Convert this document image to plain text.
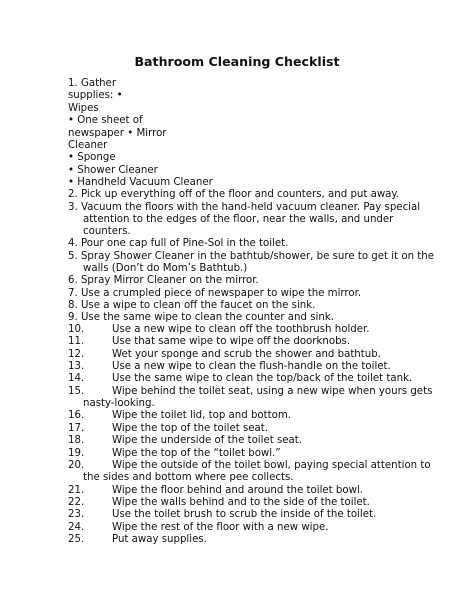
Bathroom Cleaning Checklist
1. Gather
supplies: •
Wipes
• One sheet of
newspaper • Mirror
Cleaner
• Sponge
• Shower Cleaner
• Handheld Vacuum Cleaner
2. Pick up everything off of the floor and counters, and put away.
3. Vacuum the floors with the hand-held vacuum cleaner. Pay special
attention to the edges of the floor, near the walls, and under
counters.
4. Pour one cap full of Pine-Sol in the toilet.
5. Spray Shower Cleaner in the bathtub/shower, be sure to get it on the
walls (Don’t do Mom’s Bathtub.)
6. Spray Mirror Cleaner on the mirror.
7. Use a crumpled piece of newspaper to wipe the mirror.
8. Use a wipe to clean off the faucet on the sink.
9. Use the same wipe to clean the counter and sink.
10.	Use a new wipe to clean off the toothbrush holder.
11.	Use that same wipe to wipe off the doorknobs.
12.	Wet your sponge and scrub the shower and bathtub.
13.	Use a new wipe to clean the flush-handle on the toilet.
14.	Use the same wipe to clean the top/back of the toilet tank.
15.	Wipe behind the toilet seat, using a new wipe when yours gets
nasty-looking.
16.	Wipe the toilet lid, top and bottom.
17.	Wipe the top of the toilet seat.
18.	Wipe the underside of the toilet seat.
19.	Wipe the top of the “toilet bowl.”
20.	Wipe the outside of the toilet bowl, paying special attention to
the sides and bottom where pee collects.
21.	Wipe the floor behind and around the toilet bowl.
22.	Wipe the walls behind and to the side of the toilet.
23.	Use the toilet brush to scrub the inside of the toilet.
24.	Wipe the rest of the floor with a new wipe.
25.	Put away supplies.
